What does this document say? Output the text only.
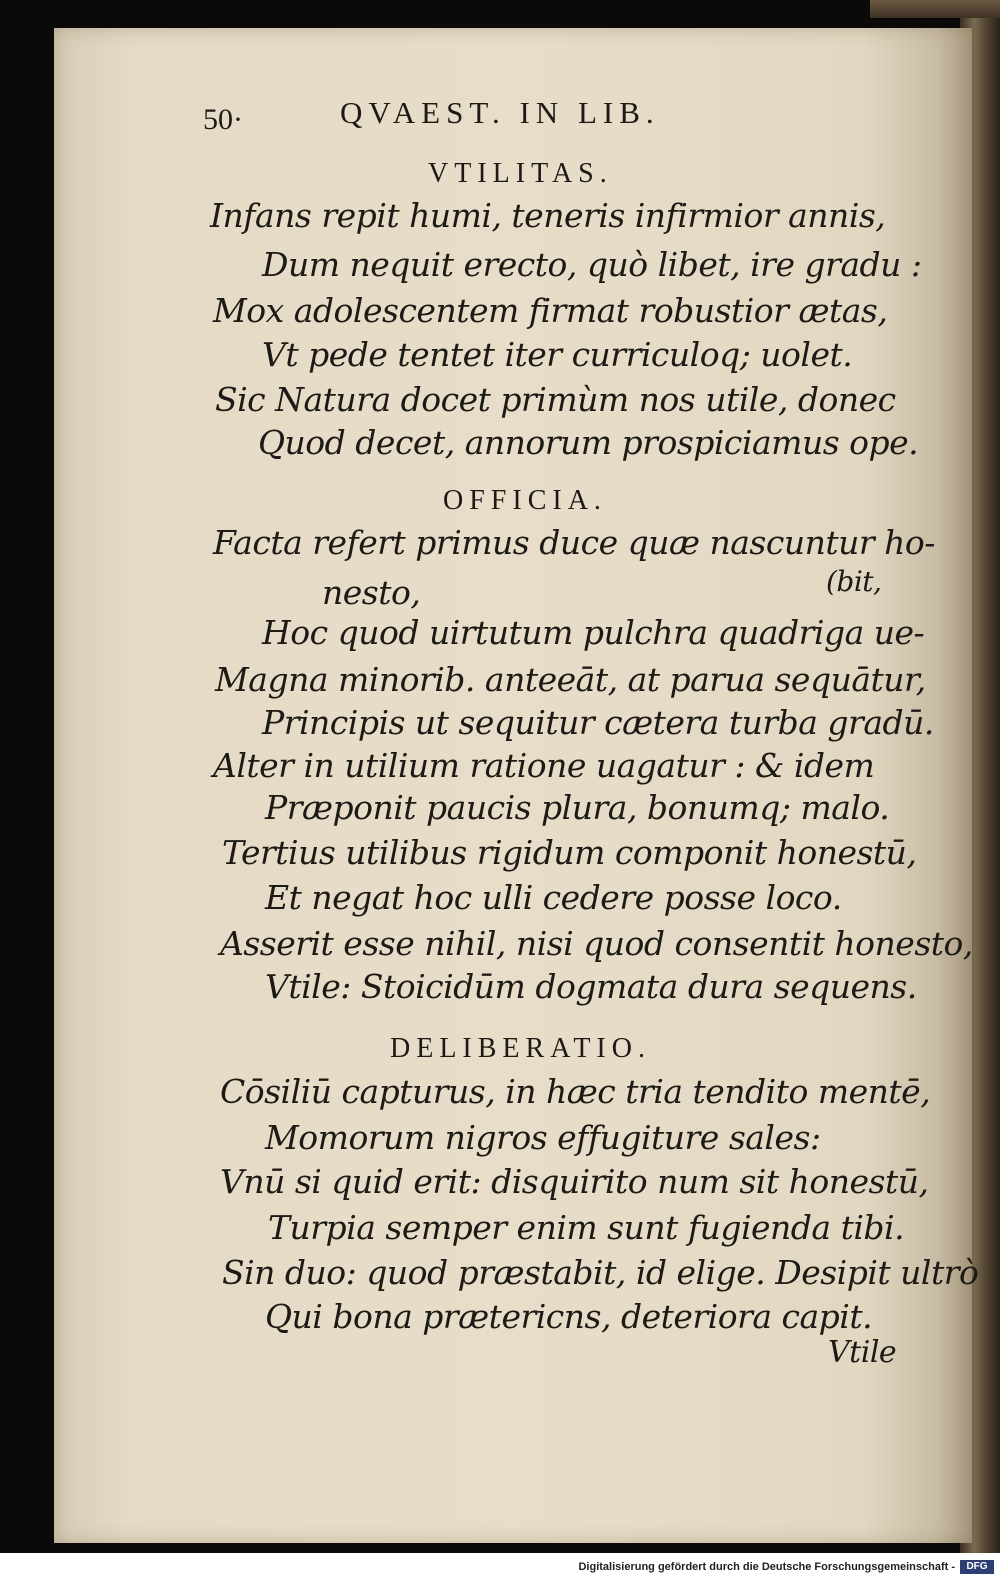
50·	QVAEST. IN LIB.
VTILITAS.
Infans repit humi, teneris infirmior annis,
Dum nequit erecto, quò libet, ire gradu :
Mox adolescentem firmat robustior ætas,
Vt pede tentet iter curriculoq; uolet.
Sic Natura docet primùm nos utile, donec
Quod decet, annorum prospiciamus ope.
OFFICIA.
Facta refert primus duce quæ nascuntur ho-
nesto,	(bit,
Hoc quod uirtutum pulchra quadriga ue-
Magna minorib. anteeāt, at parua sequātur,
Principis ut sequitur cætera turba gradū.
Alter in utilium ratione uagatur : & idem
Præponit paucis plura, bonumq; malo.
Tertius utilibus rigidum componit honestū,
Et negat hoc ulli cedere posse loco.
Asserit esse nihil, nisi quod consentit honesto,
Vtile: Stoicidūm dogmata dura sequens.
DELIBERATIO.
Cōsiliū capturus, in hæc tria tendito mentē,
Momorum nigros effugiture sales:
Vnū si quid erit: disquirito num sit honestū,
Turpia semper enim sunt fugienda tibi.
Sin duo: quod præstabit, id elige. Desipit ultrò
Qui bona prætericns, deteriora capit.
Vtile
Digitalisierung gefördert durch die Deutsche Forschungsgemeinschaft -	DFG
